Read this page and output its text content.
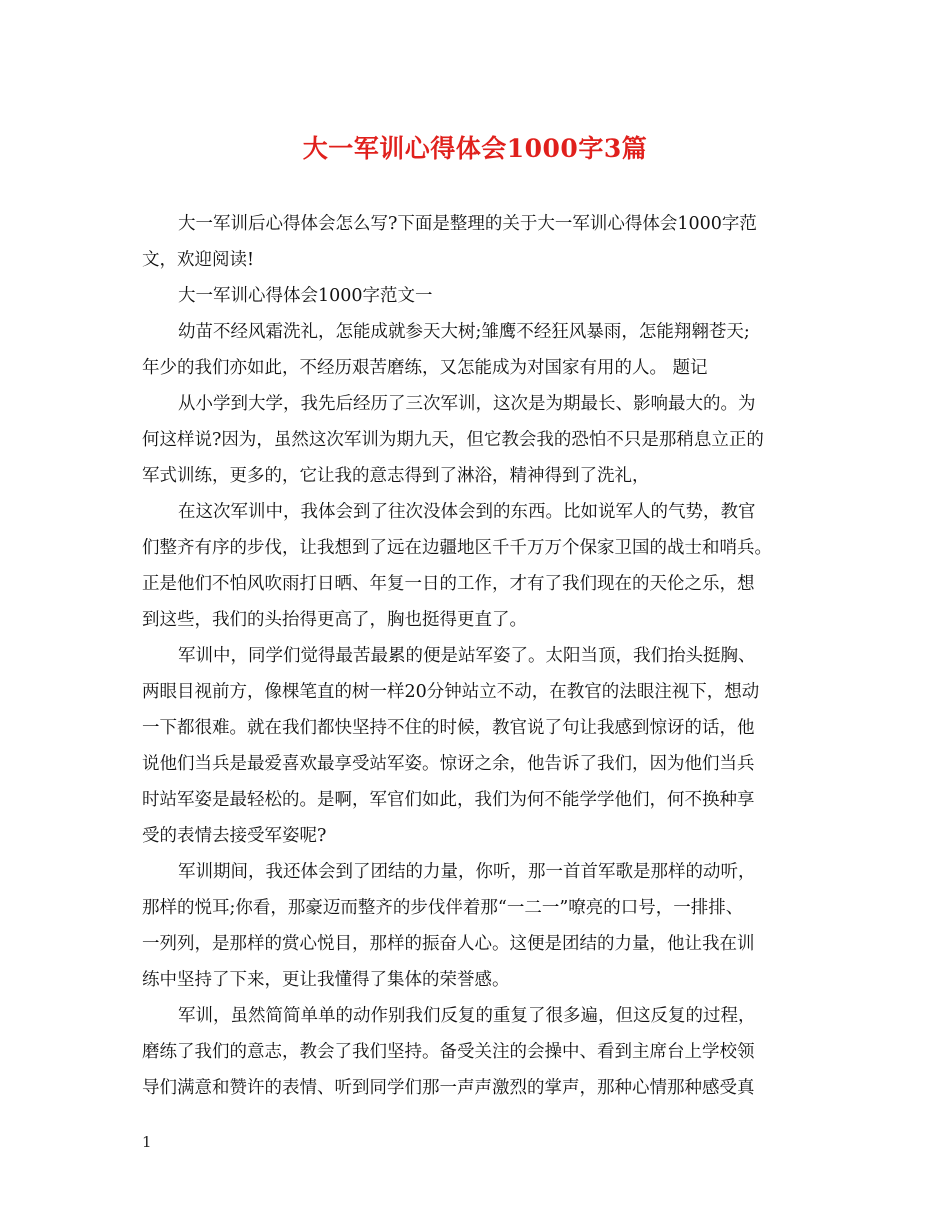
大一军训心得体会1000字3篇
大一军训后心得体会怎么写?下面是整理的关于大一军训心得体会1000字范
文，欢迎阅读!
大一军训心得体会1000字范文一
幼苗不经风霜洗礼，怎能成就参天大树;雏鹰不经狂风暴雨，怎能翔翱苍天;
年少的我们亦如此，不经历艰苦磨练，又怎能成为对国家有用的人。 题记
从小学到大学，我先后经历了三次军训，这次是为期最长、影响最大的。为
何这样说?因为，虽然这次军训为期九天，但它教会我的恐怕不只是那稍息立正的
军式训练，更多的，它让我的意志得到了淋浴，精神得到了洗礼，
在这次军训中，我体会到了往次没体会到的东西。比如说军人的气势，教官
们整齐有序的步伐，让我想到了远在边疆地区千千万万个保家卫国的战士和哨兵。
正是他们不怕风吹雨打日晒、年复一日的工作，才有了我们现在的天伦之乐，想
到这些，我们的头抬得更高了，胸也挺得更直了。
军训中，同学们觉得最苦最累的便是站军姿了。太阳当顶，我们抬头挺胸、
两眼目视前方，像棵笔直的树一样20分钟站立不动，在教官的法眼注视下，想动
一下都很难。就在我们都快坚持不住的时候，教官说了句让我感到惊讶的话，他
说他们当兵是最爱喜欢最享受站军姿。惊讶之余，他告诉了我们，因为他们当兵
时站军姿是最轻松的。是啊，军官们如此，我们为何不能学学他们，何不换种享
受的表情去接受军姿呢?
军训期间，我还体会到了团结的力量，你听，那一首首军歌是那样的动听，
那样的悦耳;你看，那豪迈而整齐的步伐伴着那“一二一”嘹亮的口号，一排排、
一列列，是那样的赏心悦目，那样的振奋人心。这便是团结的力量，他让我在训
练中坚持了下来，更让我懂得了集体的荣誉感。
军训，虽然简简单单的动作别我们反复的重复了很多遍，但这反复的过程，
磨练了我们的意志，教会了我们坚持。备受关注的会操中、看到主席台上学校领
导们满意和赞许的表情、听到同学们那一声声激烈的掌声，那种心情那种感受真
1
